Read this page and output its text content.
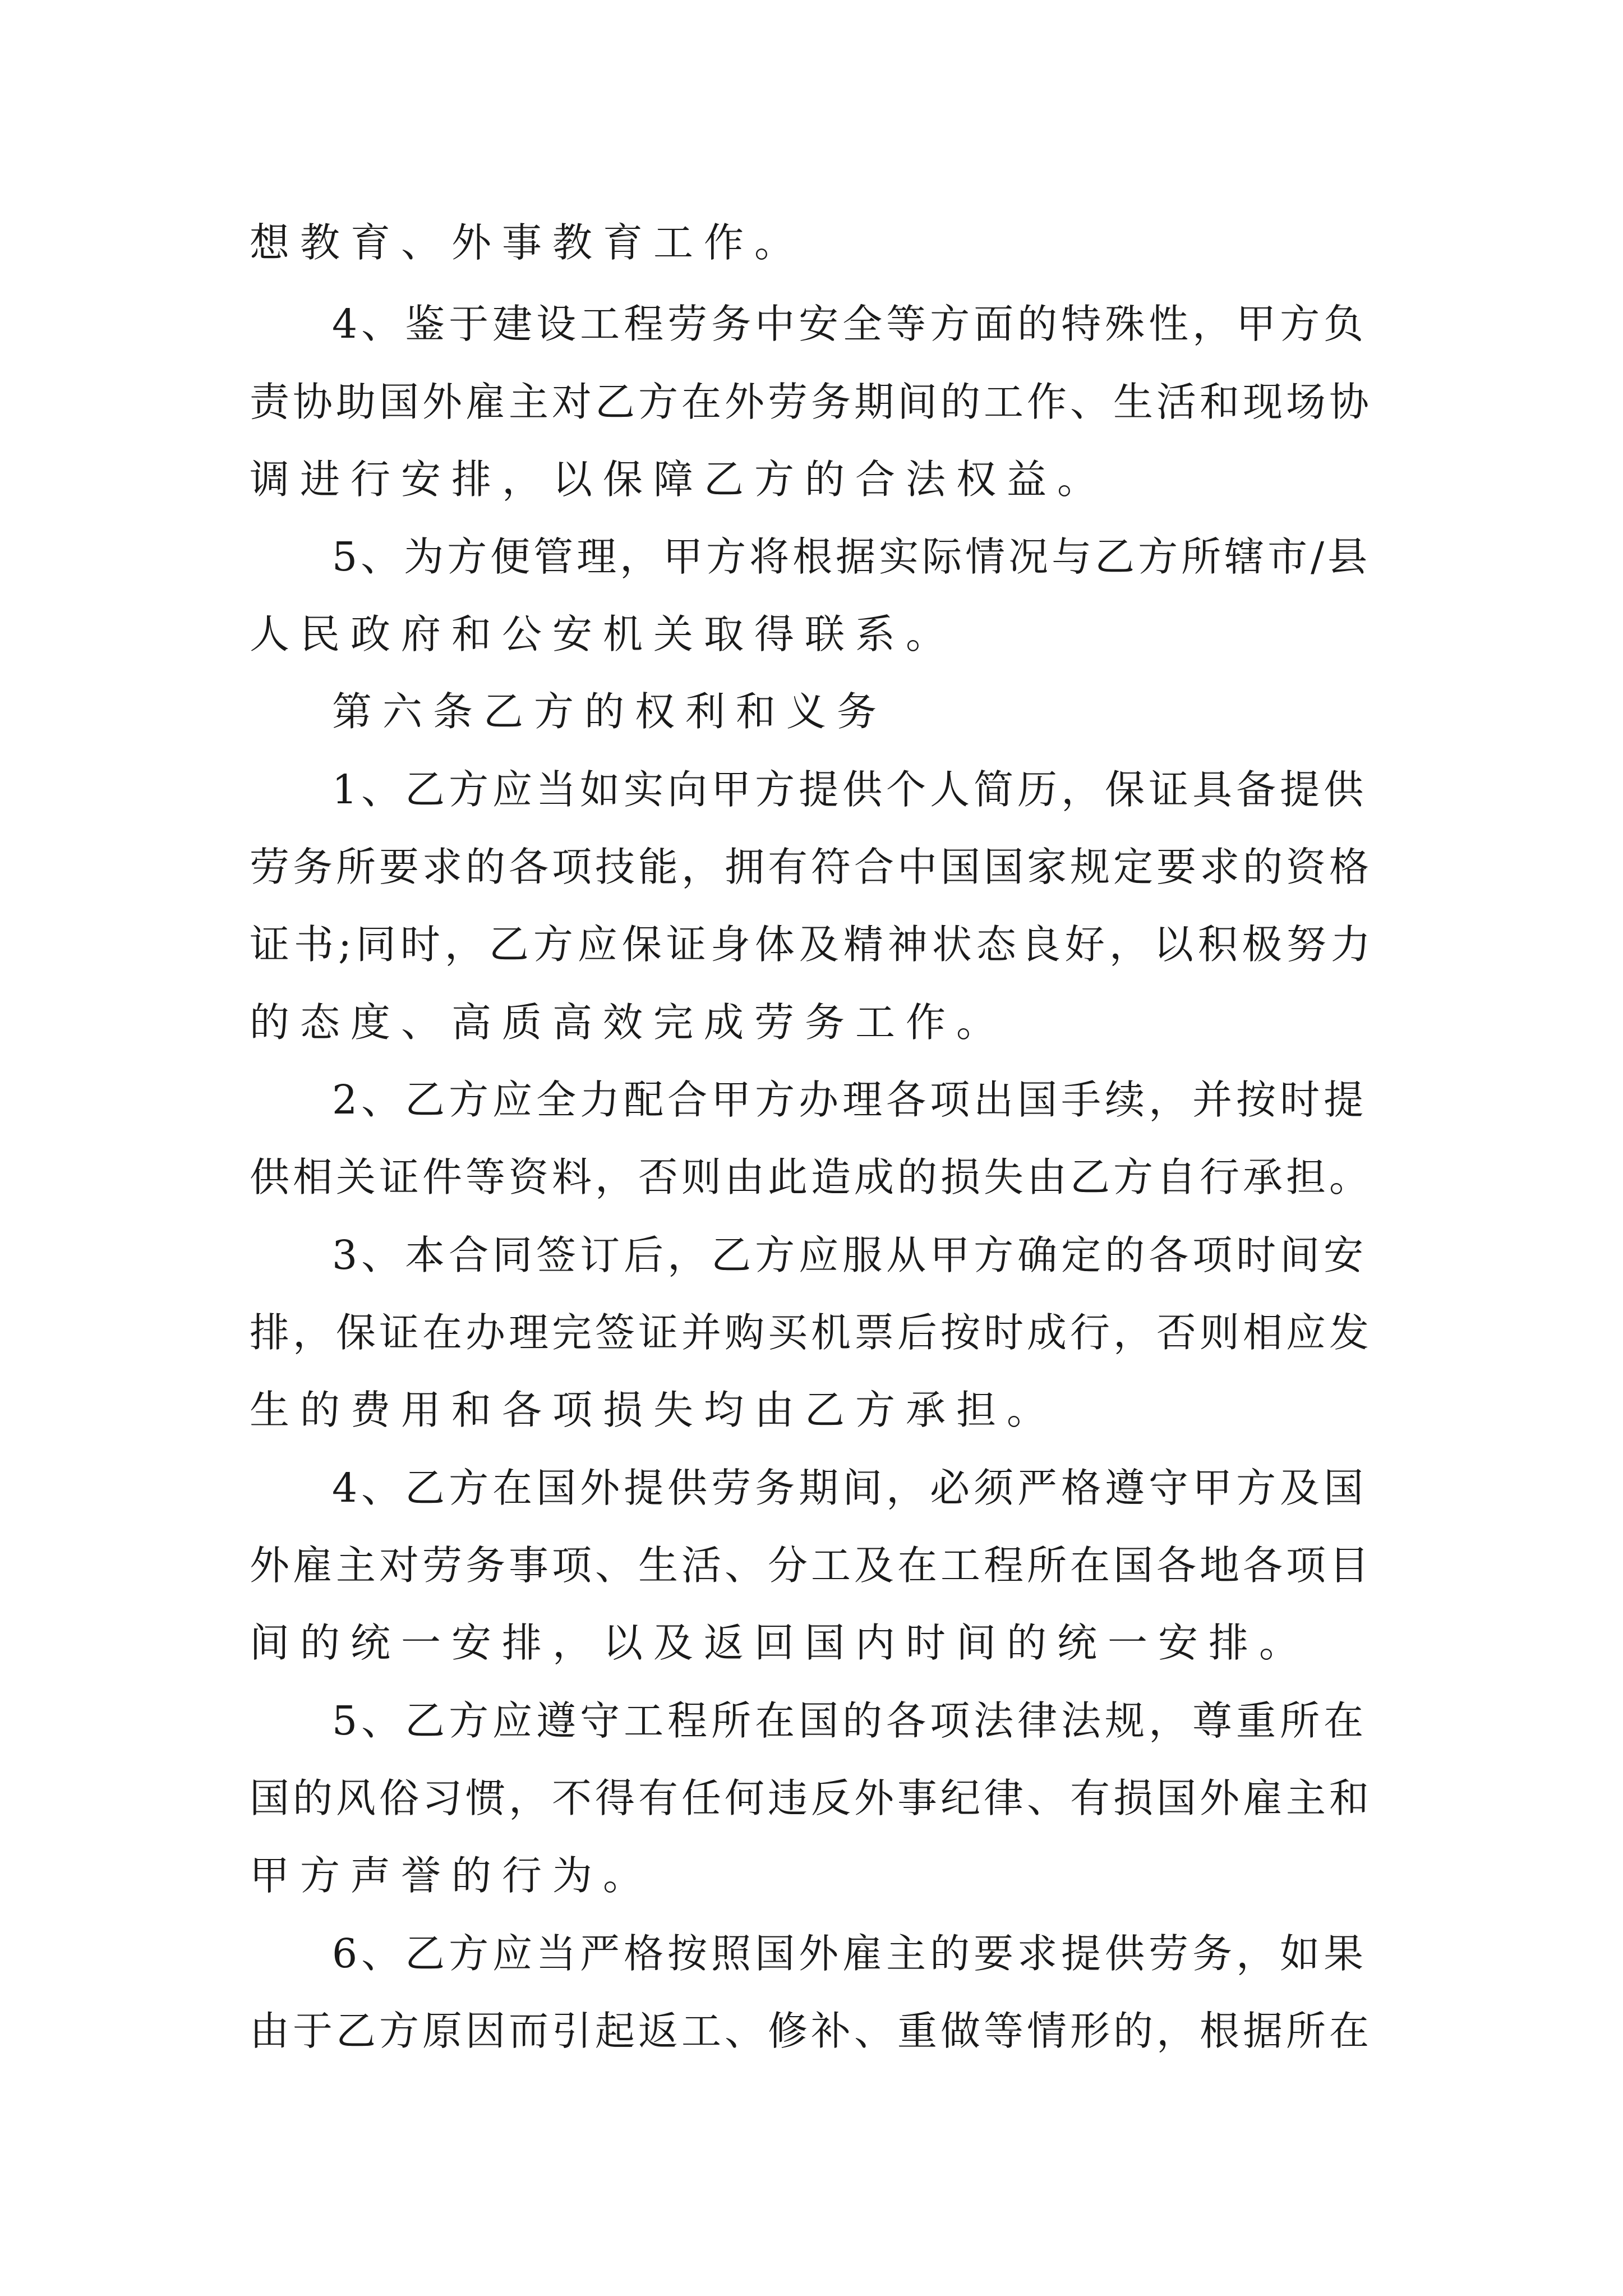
想教育、外事教育工作。

4、鉴于建设工程劳务中安全等方面的特殊性，甲方负

责协助国外雇主对乙方在外劳务期间的工作、生活和现场协

调进行安排，以保障乙方的合法权益。

5、为方便管理，甲方将根据实际情况与乙方所辖市/县

人民政府和公安机关取得联系。

第六条乙方的权利和义务

1、乙方应当如实向甲方提供个人简历，保证具备提供

劳务所要求的各项技能，拥有符合中国国家规定要求的资格

证书;同时，乙方应保证身体及精神状态良好，以积极努力

的态度、高质高效完成劳务工作。

2、乙方应全力配合甲方办理各项出国手续，并按时提

供相关证件等资料，否则由此造成的损失由乙方自行承担。

3、本合同签订后，乙方应服从甲方确定的各项时间安

排，保证在办理完签证并购买机票后按时成行，否则相应发

生的费用和各项损失均由乙方承担。

4、乙方在国外提供劳务期间，必须严格遵守甲方及国

外雇主对劳务事项、生活、分工及在工程所在国各地各项目

间的统一安排，以及返回国内时间的统一安排。

5、乙方应遵守工程所在国的各项法律法规，尊重所在

国的风俗习惯，不得有任何违反外事纪律、有损国外雇主和

甲方声誉的行为。

6、乙方应当严格按照国外雇主的要求提供劳务，如果

由于乙方原因而引起返工、修补、重做等情形的，根据所在
